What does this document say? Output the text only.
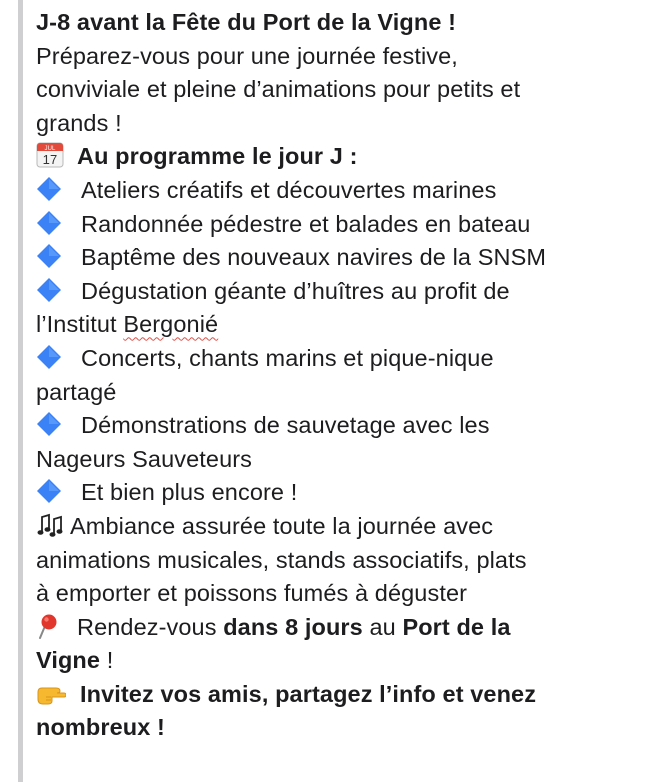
J-8 avant la Fête du Port de la Vigne !
Préparez-vous pour une journée festive,
conviviale et pleine d’animations pour petits et
grands !
JUL
17 Au programme le jour J :
Ateliers créatifs et découvertes marines
Randonnée pédestre et balades en bateau
Baptême des nouveaux navires de la SNSM
Dégustation géante d’huîtres au profit de
l’Institut Bergonié
Concerts, chants marins et pique-nique
partagé
Démonstrations de sauvetage avec les
Nageurs Sauveteurs
Et bien plus encore !
Ambiance assurée toute la journée avec
animations musicales, stands associatifs, plats
à emporter et poissons fumés à déguster
Rendez-vous dans 8 jours au Port de la
Vigne !
Invitez vos amis, partagez l’info et venez
nombreux !
